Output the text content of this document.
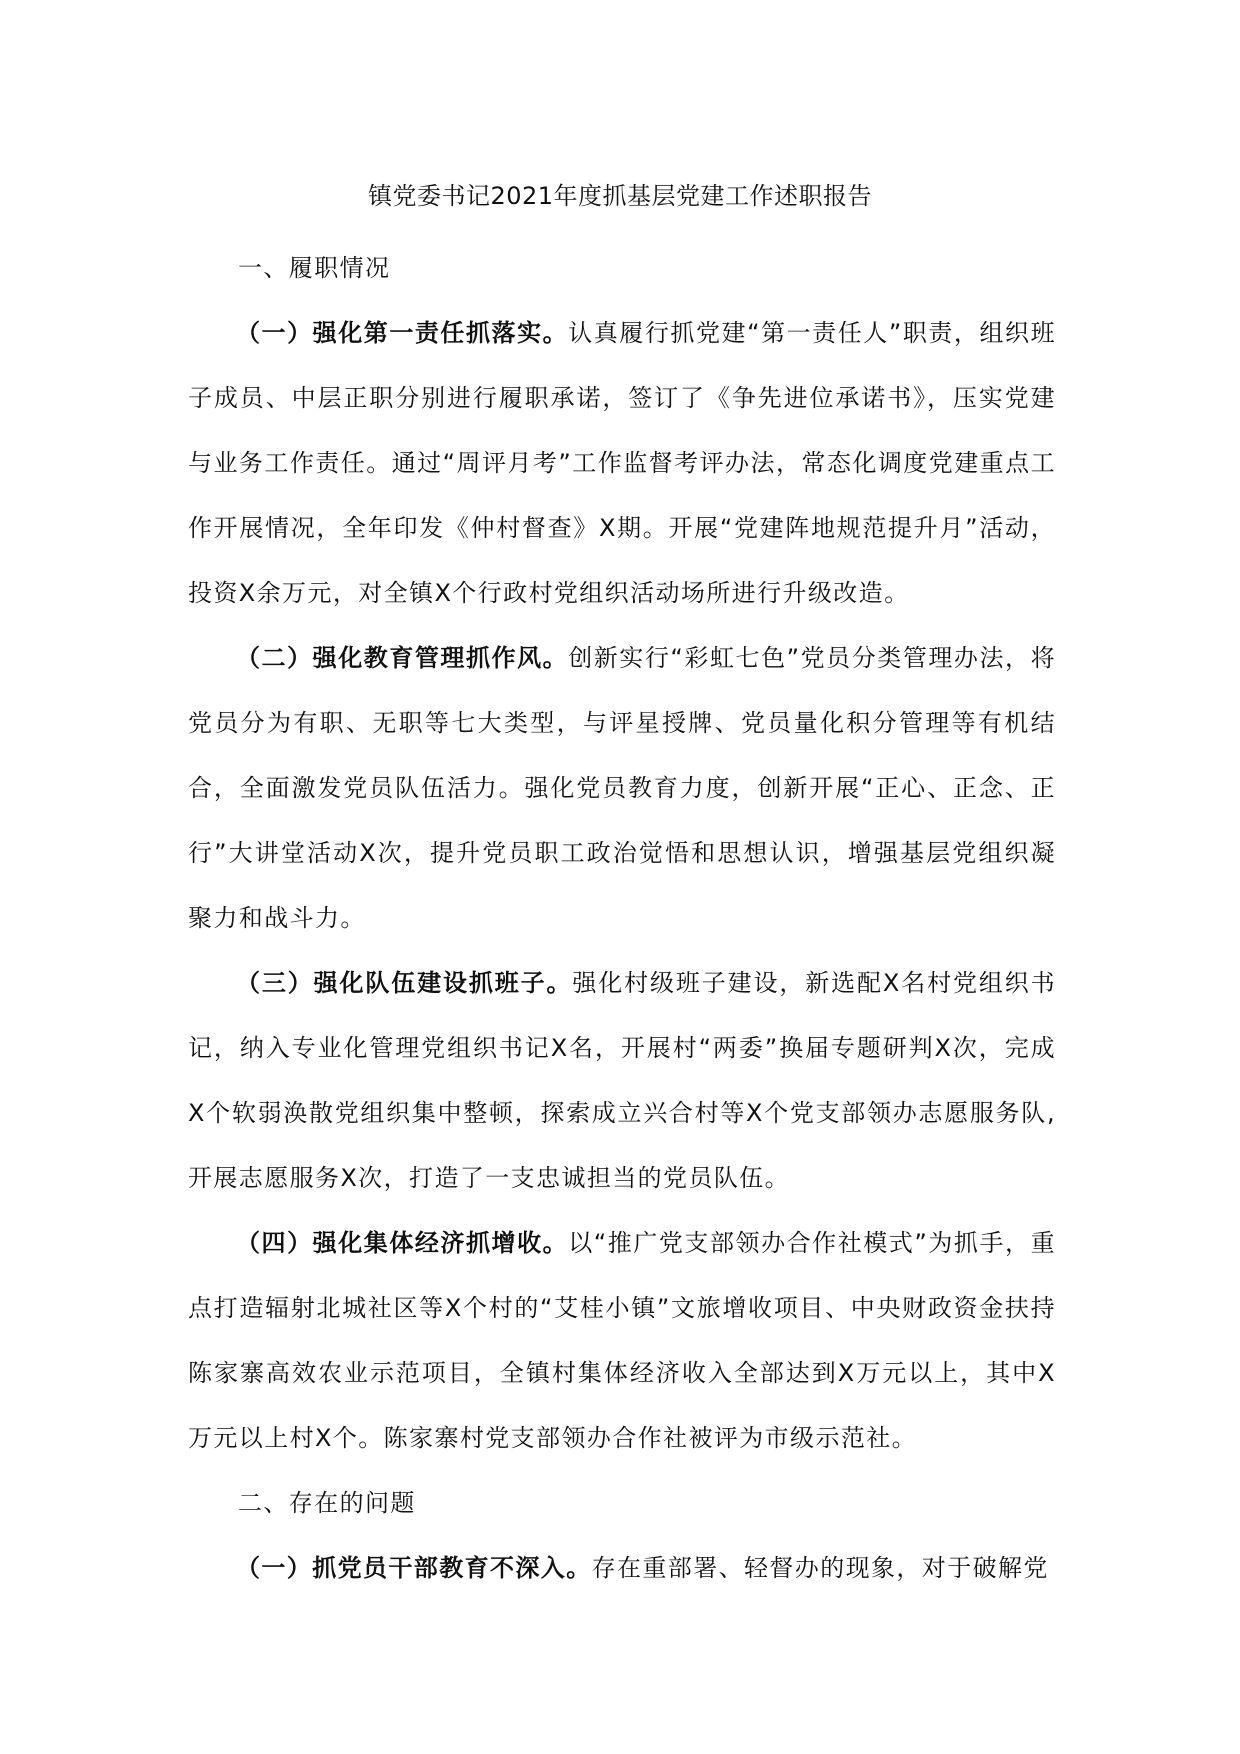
镇党委书记2021年度抓基层党建工作述职报告

一、履职情况

（一）强化第一责任抓落实。认真履行抓党建“第一责任人”职责，组织班子成员、中层正职分别进行履职承诺，签订了《争先进位承诺书》，压实党建与业务工作责任。通过“周评月考”工作监督考评办法，常态化调度党建重点工作开展情况，全年印发《仲村督查》X期。开展“党建阵地规范提升月”活动，投资X余万元，对全镇X个行政村党组织活动场所进行升级改造。

（二）强化教育管理抓作风。创新实行“彩虹七色”党员分类管理办法，将党员分为有职、无职等七大类型，与评星授牌、党员量化积分管理等有机结合，全面激发党员队伍活力。强化党员教育力度，创新开展“正心、正念、正行”大讲堂活动X次，提升党员职工政治觉悟和思想认识，增强基层党组织凝聚力和战斗力。

（三）强化队伍建设抓班子。强化村级班子建设，新选配X名村党组织书记，纳入专业化管理党组织书记X名，开展村“两委”换届专题研判X次，完成X个软弱涣散党组织集中整顿，探索成立兴合村等X个党支部领办志愿服务队,开展志愿服务X次，打造了一支忠诚担当的党员队伍。

（四）强化集体经济抓增收。以“推广党支部领办合作社模式”为抓手，重点打造辐射北城社区等X个村的“艾桂小镇”文旅增收项目、中央财政资金扶持陈家寨高效农业示范项目，全镇村集体经济收入全部达到X万元以上，其中X万元以上村X个。陈家寨村党支部领办合作社被评为市级示范社。

二、存在的问题

（一）抓党员干部教育不深入。存在重部署、轻督办的现象，对于破解党
